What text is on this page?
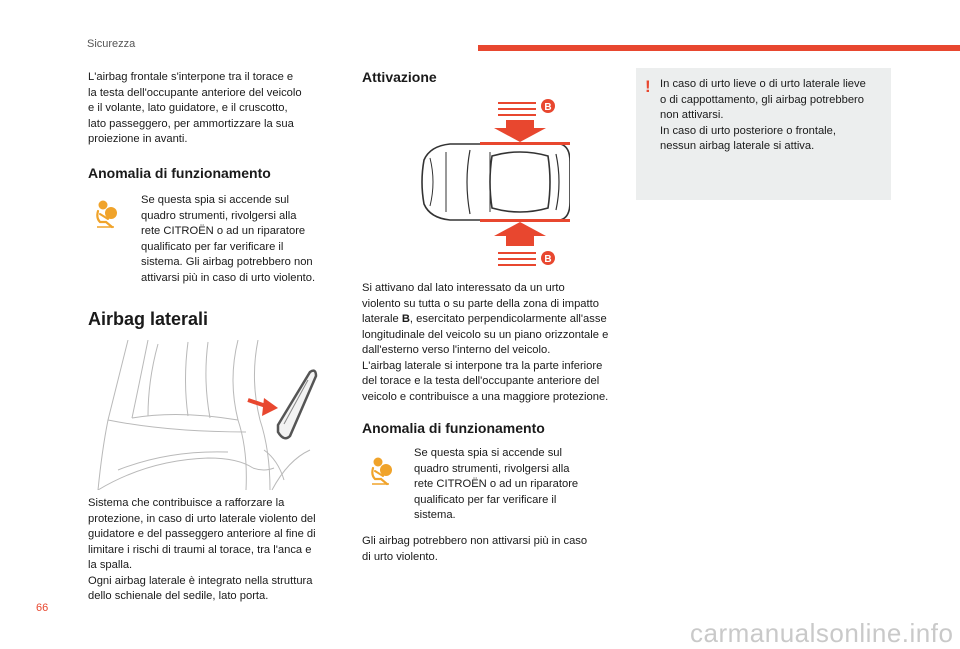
Sicurezza
L'airbag frontale s'interpone tra il torace e
la testa dell'occupante anteriore del veicolo
e il volante, lato guidatore, e il cruscotto,
lato passeggero, per ammortizzare la sua
proiezione in avanti.
Anomalia di funzionamento
Se questa spia si accende sul
quadro strumenti, rivolgersi alla
rete CITROËN o ad un riparatore
qualificato per far verificare il
sistema. Gli airbag potrebbero non
attivarsi più in caso di urto violento.
Airbag laterali
Sistema che contribuisce a rafforzare la
protezione, in caso di urto laterale violento del
guidatore e del passeggero anteriore al fine di
limitare i rischi di traumi al torace, tra l'anca e
la spalla.
Ogni airbag laterale è integrato nella struttura
dello schienale del sedile, lato porta.
Attivazione
B
B
Si attivano dal lato interessato da un urto
violento su tutta o su parte della zona di impatto
laterale B, esercitato perpendicolarmente all'asse
longitudinale del veicolo su un piano orizzontale e
dall'esterno verso l'interno del veicolo.
L'airbag laterale si interpone tra la parte inferiore
del torace e la testa dell'occupante anteriore del
veicolo e contribuisce a una maggiore protezione.
Anomalia di funzionamento
Se questa spia si accende sul
quadro strumenti, rivolgersi alla
rete CITROËN o ad un riparatore
qualificato per far verificare il
sistema.
Gli airbag potrebbero non attivarsi più in caso
di urto violento.
! In caso di urto lieve o di urto laterale lieve
o di cappottamento, gli airbag potrebbero
non attivarsi.
In caso di urto posteriore o frontale,
nessun airbag laterale si attiva.
66
carmanualsonline.info
